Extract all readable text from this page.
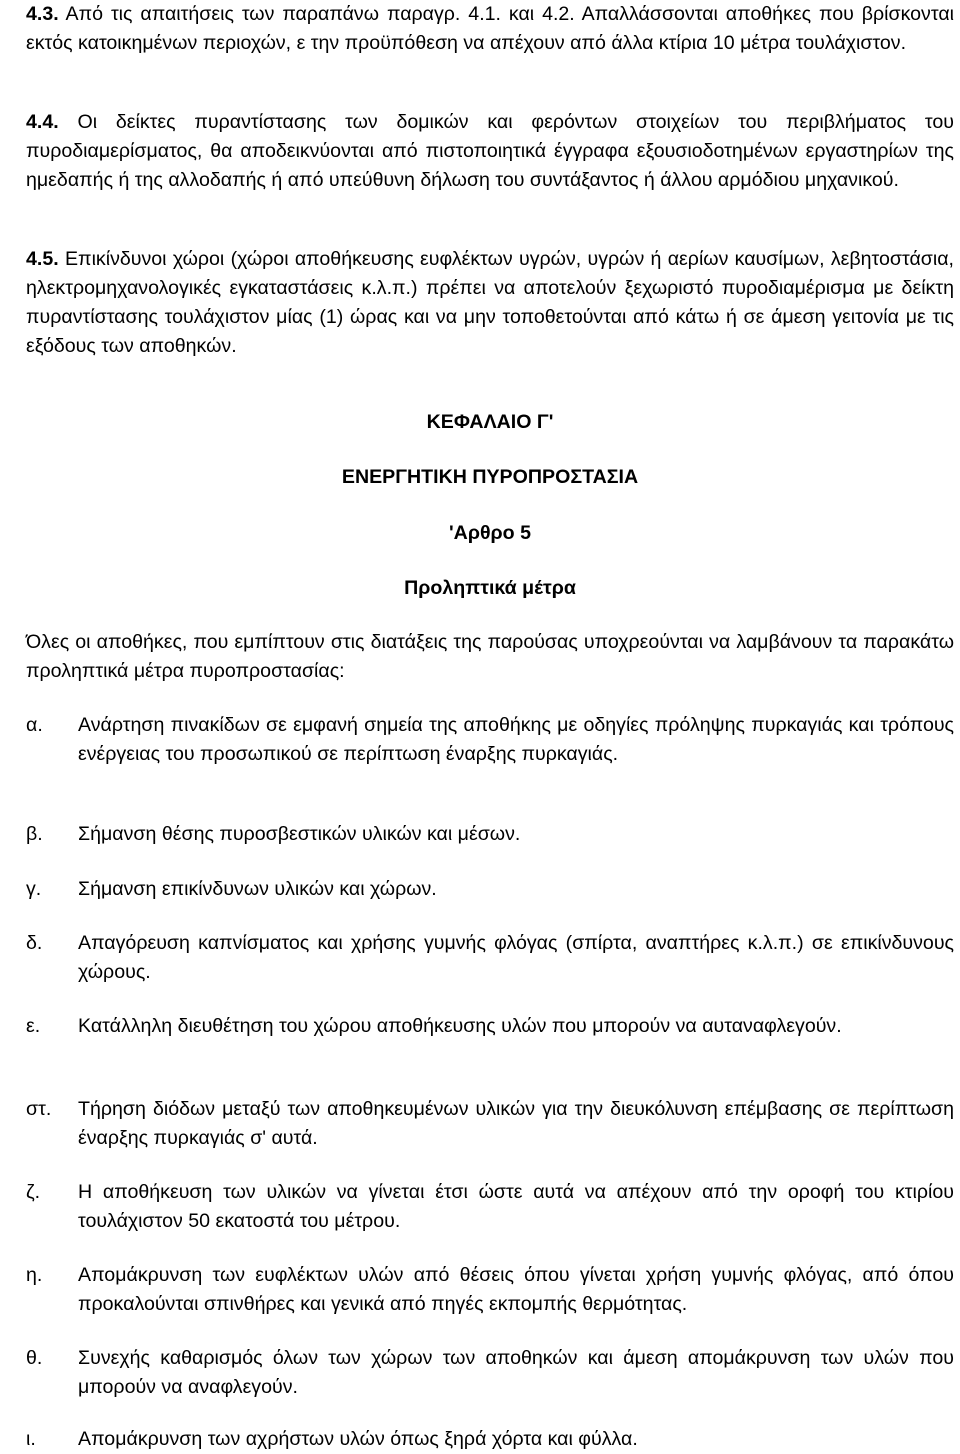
4.3. Από τις απαιτήσεις των παραπάνω παραγρ. 4.1. και 4.2. Απαλλάσσονται αποθήκες που βρίσκονται εκτός κατοικημένων περιοχών, ε την προϋπόθεση να απέχουν από άλλα κτίρια 10 μέτρα τουλάχιστον.
4.4. Οι δείκτες πυραντίστασης των δομικών και φερόντων στοιχείων του περιβλήματος του πυροδιαμερίσματος, θα αποδεικνύονται από πιστοποιητικά έγγραφα εξουσιοδοτημένων εργαστηρίων της ημεδαπής ή της αλλοδαπής ή από υπεύθυνη δήλωση του συντάξαντος ή άλλου αρμόδιου μηχανικού.
4.5. Επικίνδυνοι χώροι (χώροι αποθήκευσης ευφλέκτων υγρών, υγρών ή αερίων καυσίμων, λεβητοστάσια, ηλεκτρομηχανολογικές εγκαταστάσεις κ.λ.π.) πρέπει να αποτελούν ξεχωριστό πυροδιαμέρισμα με δείκτη πυραντίστασης τουλάχιστον μίας (1) ώρας και να μην τοποθετούνται από κάτω ή σε άμεση γειτονία με τις εξόδους των αποθηκών.
ΚΕΦΑΛΑΙΟ Γ'
ΕΝΕΡΓΗΤΙΚΗ ΠΥΡΟΠΡΟΣΤΑΣΙΑ
'Αρθρο 5
Προληπτικά μέτρα
Όλες οι αποθήκες, που εμπίπτουν στις διατάξεις της παρούσας υποχρεούνται να λαμβάνουν τα παρακάτω προληπτικά μέτρα πυροπροστασίας:
α.	Ανάρτηση πινακίδων σε εμφανή σημεία της αποθήκης με οδηγίες πρόληψης πυρκαγιάς και τρόπους ενέργειας του προσωπικού σε περίπτωση έναρξης πυρκαγιάς.
β.	Σήμανση θέσης πυροσβεστικών υλικών και μέσων.
γ.	Σήμανση επικίνδυνων υλικών και χώρων.
δ.	Απαγόρευση καπνίσματος και χρήσης γυμνής φλόγας (σπίρτα, αναπτήρες κ.λ.π.) σε επικίνδυνους χώρους.
ε.	Κατάλληλη διευθέτηση του χώρου αποθήκευσης υλών που μπορούν να αυταναφλεγούν.
στ.	Τήρηση διόδων μεταξύ των αποθηκευμένων υλικών για την διευκόλυνση επέμβασης σε περίπτωση έναρξης πυρκαγιάς σ' αυτά.
ζ.	Η αποθήκευση των υλικών να γίνεται έτσι ώστε αυτά να απέχουν από την οροφή του κτιρίου τουλάχιστον 50 εκατοστά του μέτρου.
η.	Απομάκρυνση των ευφλέκτων υλών από θέσεις όπου γίνεται χρήση γυμνής φλόγας, από όπου προκαλούνται σπινθήρες και γενικά από πηγές εκπομπής θερμότητας.
θ.	Συνεχής καθαρισμός όλων των χώρων των αποθηκών και άμεση απομάκρυνση των υλών που μπορούν να αναφλεγούν.
ι.	Απομάκρυνση των αχρήστων υλών όπως ξηρά χόρτα και φύλλα.
